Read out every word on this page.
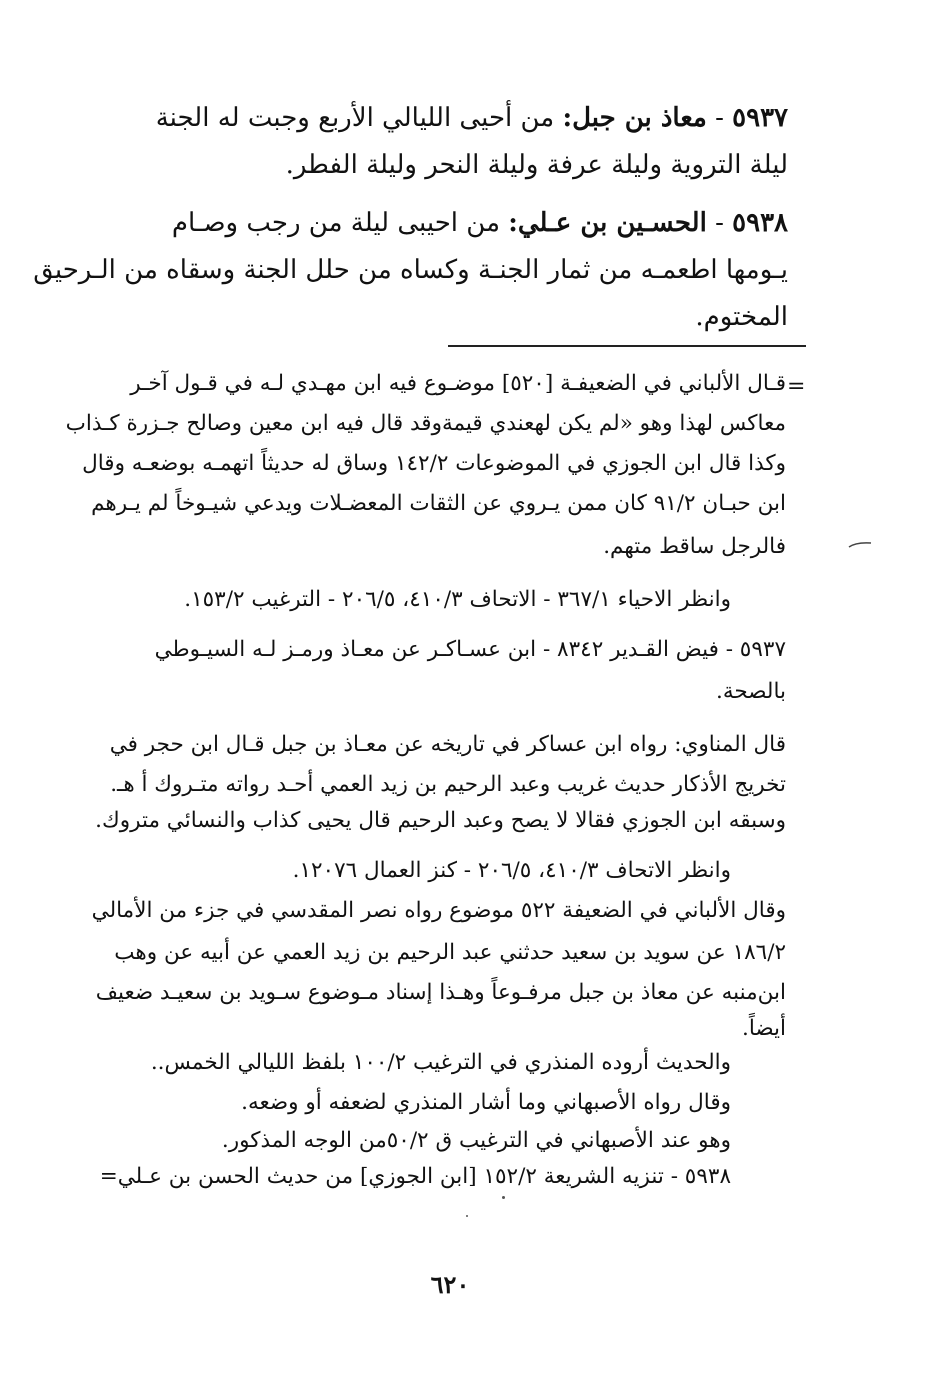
٥٩٣٧ - معاذ بن جبل: من أحيى الليالي الأربع وجبت له الجنة
ليلة التروية وليلة عرفة وليلة النحر وليلة الفطر.
٥٩٣٨ - الحسـين بن عـلي: من احيبى ليلة من رجب وصـام
يـومها اطعمـه من ثمار الجنـة وكساه من حلل الجنة وسقاه من الـرحيق
المختوم.
=
قـال الألباني في الضعيفـة [٥٢٠] موضـوع فيه ابن مهـدي لـه في قـول آخـر
معاكس لهذا وهو «لم يكن لهعندي قيمةوقد قال فيه ابن معين وصالح جـزرة كـذاب
وكذا قال ابن الجوزي في الموضوعات ١٤٢/٢ وساق له حديثاً اتهمـه بوضعـه وقال
ابن حبـان ٩١/٢ كان ممن يـروي عن الثقات المعضـلات ويدعي شيـوخاً لم يـرهم
فالرجل ساقط متهم.
وانظر الاحياء ٣٦٧/١ - الاتحاف ٤١٠/٣، ٢٠٦/٥ - الترغيب ١٥٣/٢.
٥٩٣٧ - فيض القـدير ٨٣٤٢ - ابن عسـاكـر عن معـاذ ورمـز لـه السيـوطي
بالصحة.
قال المناوي: رواه ابن عساكر في تاريخه عن معـاذ بن جبل قـال ابن حجر في
تخريج الأذكار حديث غريب وعبد الرحيم بن زيد العمي أحـد رواته متـروك أ هـ.
وسبقه ابن الجوزي فقالا لا يصح وعبد الرحيم قال يحيى كذاب والنسائي متروك.
وانظر الاتحاف ٤١٠/٣، ٢٠٦/٥ - كنز العمال ١٢٠٧٦.
وقال الألباني في الضعيفة ٥٢٢ موضوع رواه نصر المقدسي في جزء من الأمالي
١٨٦/٢ عن سويد بن سعيد حدثني عبد الرحيم بن زيد العمي عن أبيه عن وهب
ابن‌منبه عن معاذ بن جبل مرفـوعاً وهـذا إسناد مـوضوع سـويد بن سعيـد ضعيف
أيضاً.
والحديث أروده المنذري في الترغيب ١٠٠/٢ بلفظ الليالي الخمس..
وقال رواه الأصبهاني وما أشار المنذري لضعفه أو وضعه.
وهو عند الأصبهاني في الترغيب ق ٥٠/٢من الوجه المذكور.
٥٩٣٨ - تنزيه الشريعة ١٥٢/٢ [ابن الجوزي] من حديث الحسن بن عـلي=
٦٢٠
